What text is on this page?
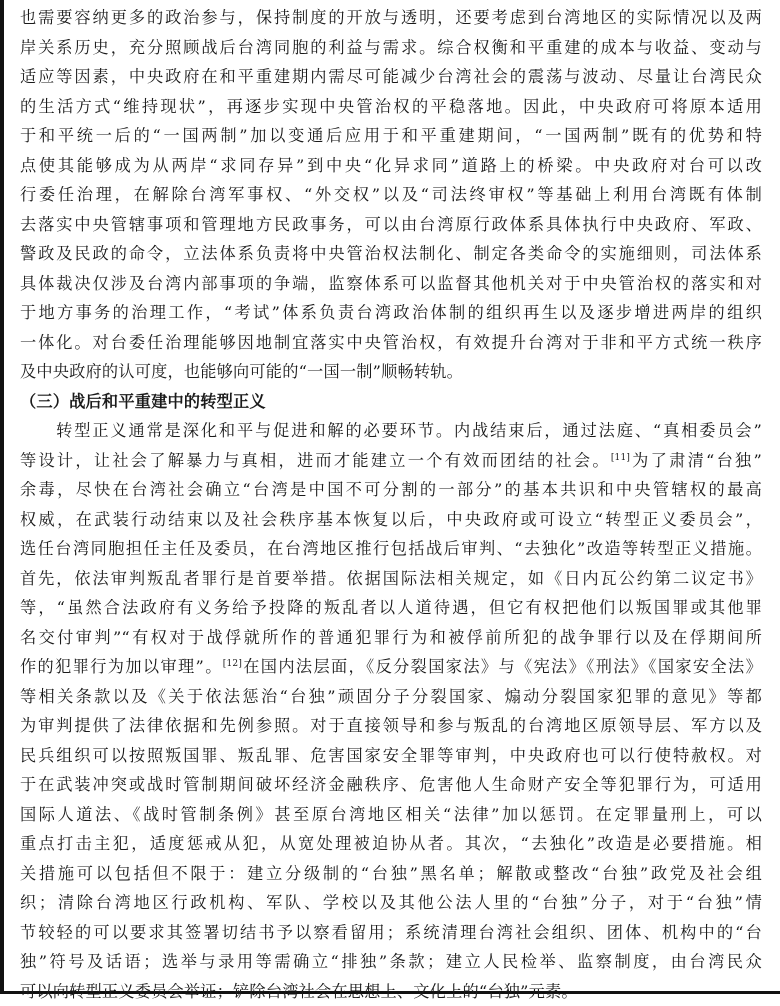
也需要容纳更多的政治参与，保持制度的开放与透明，还要考虑到台湾地区的实际情况以及两
岸关系历史，充分照顾战后台湾同胞的利益与需求。综合权衡和平重建的成本与收益、变动与
适应等因素，中央政府在和平重建期内需尽可能减少台湾社会的震荡与波动、尽量让台湾民众
的生活方式“维持现状”，再逐步实现中央管治权的平稳落地。因此，中央政府可将原本适用
于和平统一后的“一国两制”加以变通后应用于和平重建期间，“一国两制”既有的优势和特
点使其能够成为从两岸“求同存异”到中央“化异求同”道路上的桥梁。中央政府对台可以改
行委任治理，在解除台湾军事权、“外交权”以及“司法终审权”等基础上利用台湾既有体制
去落实中央管辖事项和管理地方民政事务，可以由台湾原行政体系具体执行中央政府、军政、
警政及民政的命令，立法体系负责将中央管治权法制化、制定各类命令的实施细则，司法体系
具体裁决仅涉及台湾内部事项的争端，监察体系可以监督其他机关对于中央管治权的落实和对
于地方事务的治理工作，“考试”体系负责台湾政治体制的组织再生以及逐步增进两岸的组织
一体化。对台委任治理能够因地制宜落实中央管治权，有效提升台湾对于非和平方式统一秩序
及中央政府的认可度，也能够向可能的“一国一制”顺畅转轨。
（三）战后和平重建中的转型正义
　　转型正义通常是深化和平与促进和解的必要环节。内战结束后，通过法庭、“真相委员会”
等设计，让社会了解暴力与真相，进而才能建立一个有效而团结的社会。[11]为了肃清“台独”
余毒，尽快在台湾社会确立“台湾是中国不可分割的一部分”的基本共识和中央管辖权的最高
权威，在武装行动结束以及社会秩序基本恢复以后，中央政府或可设立“转型正义委员会”，
选任台湾同胞担任主任及委员，在台湾地区推行包括战后审判、“去独化”改造等转型正义措施。
首先，依法审判叛乱者罪行是首要举措。依据国际法相关规定，如《日内瓦公约第二议定书》
等，“虽然合法政府有义务给予投降的叛乱者以人道待遇，但它有权把他们以叛国罪或其他罪
名交付审判”“有权对于战俘就所作的普通犯罪行为和被俘前所犯的战争罪行以及在俘期间所
作的犯罪行为加以审理”。[12]在国内法层面，《反分裂国家法》与《宪法》《刑法》《国家安全法》
等相关条款以及《关于依法惩治“台独”顽固分子分裂国家、煽动分裂国家犯罪的意见》等都
为审判提供了法律依据和先例参照。对于直接领导和参与叛乱的台湾地区原领导层、军方以及
民兵组织可以按照叛国罪、叛乱罪、危害国家安全罪等审判，中央政府也可以行使特赦权。对
于在武装冲突或战时管制期间破坏经济金融秩序、危害他人生命财产安全等犯罪行为，可适用
国际人道法、《战时管制条例》甚至原台湾地区相关“法律”加以惩罚。在定罪量刑上，可以
重点打击主犯，适度惩戒从犯，从宽处理被迫协从者。其次，“去独化”改造是必要措施。相
关措施可以包括但不限于：建立分级制的“台独”黑名单；解散或整改“台独”政党及社会组
织；清除台湾地区行政机构、军队、学校以及其他公法人里的“台独”分子，对于“台独”情
节较轻的可以要求其签署切结书予以察看留用；系统清理台湾社会组织、团体、机构中的“台
独”符号及话语；选举与录用等需确立“排独”条款；建立人民检举、监察制度，由台湾民众
可以向转型正义委员会举证；铲除台湾社会在思想上、文化上的“台独”元素。
